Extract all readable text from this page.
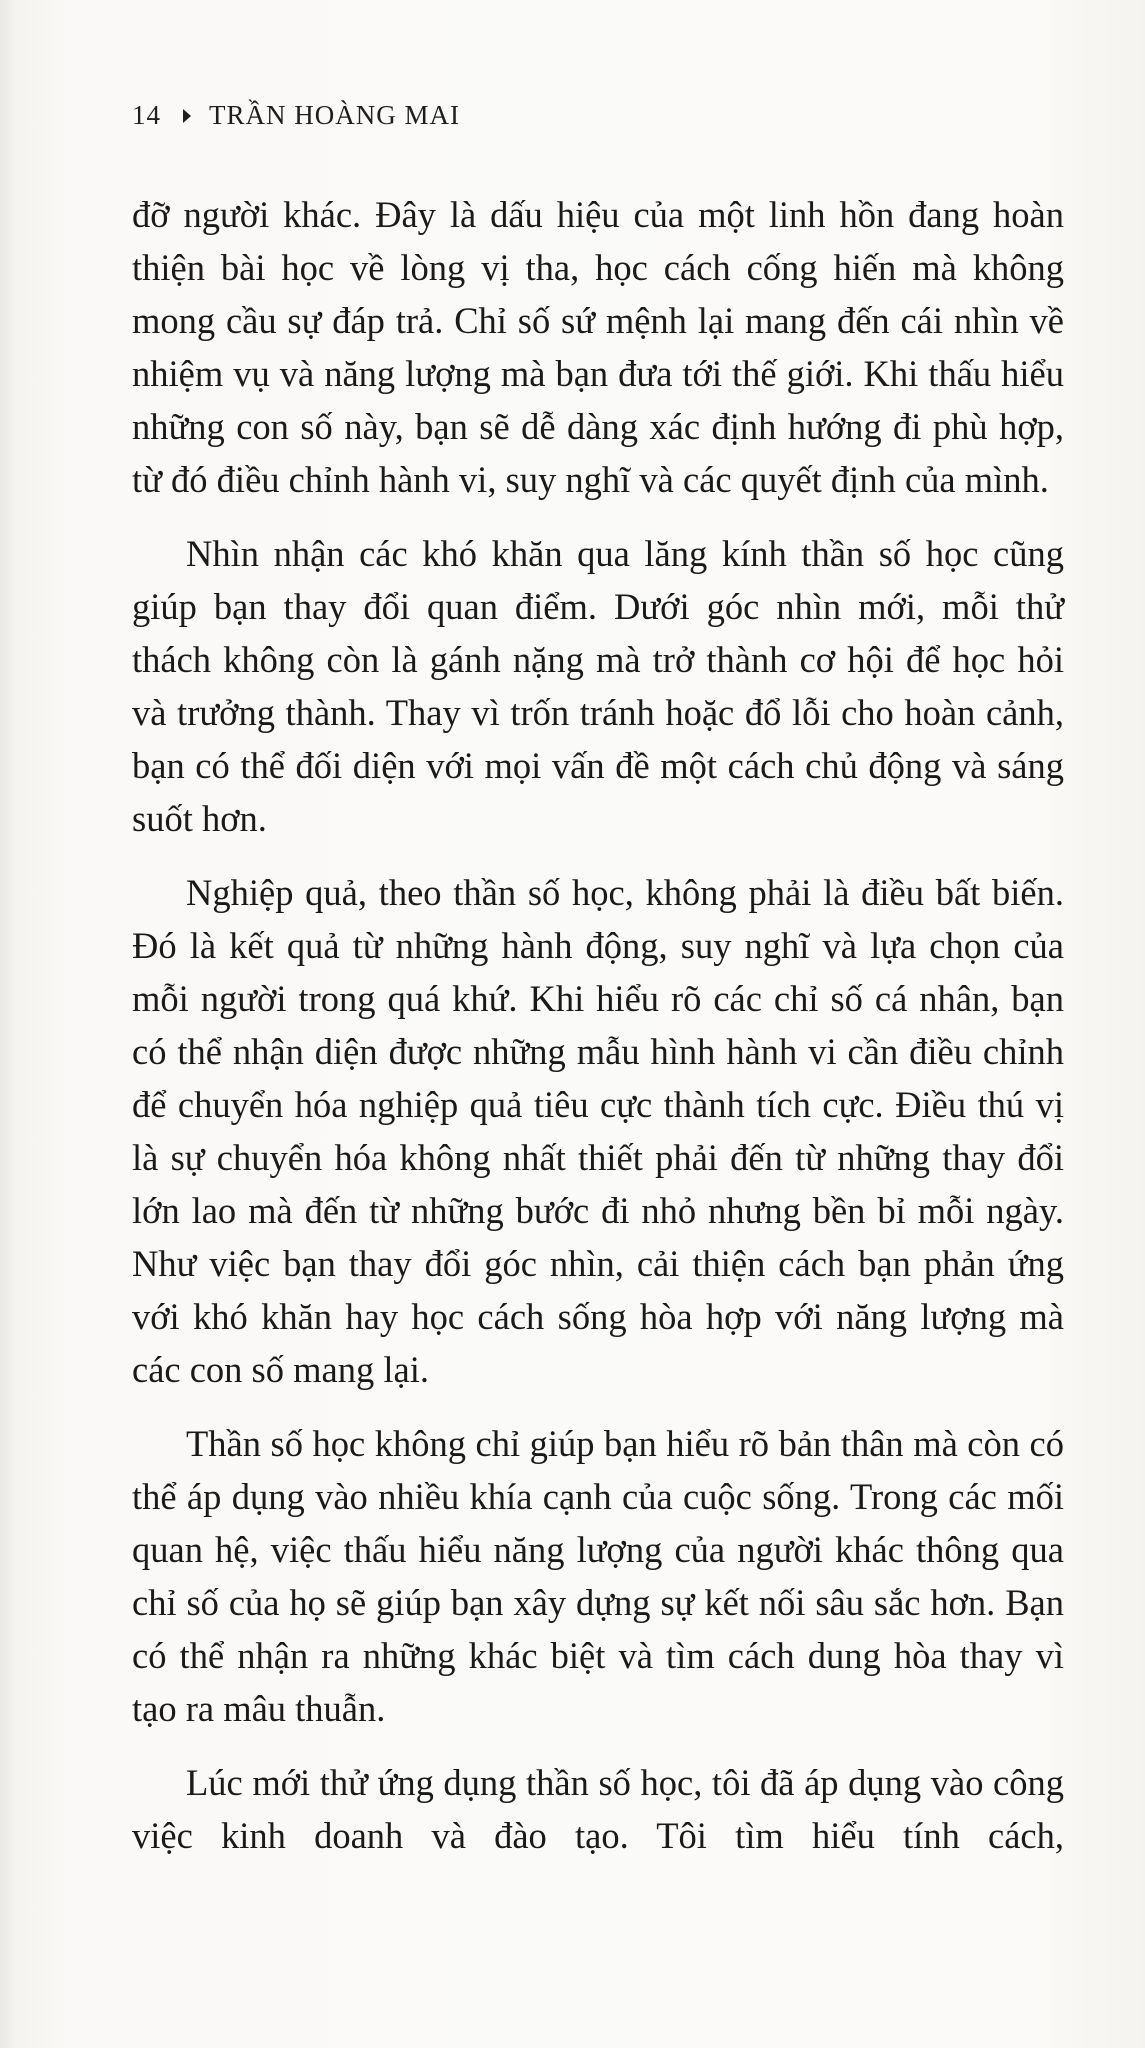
14 TRẦN HOÀNG MAI

đỡ người khác. Đây là dấu hiệu của một linh hồn đang hoàn thiện bài học về lòng vị tha, học cách cống hiến mà không mong cầu sự đáp trả. Chỉ số sứ mệnh lại mang đến cái nhìn về nhiệm vụ và năng lượng mà bạn đưa tới thế giới. Khi thấu hiểu những con số này, bạn sẽ dễ dàng xác định hướng đi phù hợp, từ đó điều chỉnh hành vi, suy nghĩ và các quyết định của mình.

Nhìn nhận các khó khăn qua lăng kính thần số học cũng giúp bạn thay đổi quan điểm. Dưới góc nhìn mới, mỗi thử thách không còn là gánh nặng mà trở thành cơ hội để học hỏi và trưởng thành. Thay vì trốn tránh hoặc đổ lỗi cho hoàn cảnh, bạn có thể đối diện với mọi vấn đề một cách chủ động và sáng suốt hơn.

Nghiệp quả, theo thần số học, không phải là điều bất biến. Đó là kết quả từ những hành động, suy nghĩ và lựa chọn của mỗi người trong quá khứ. Khi hiểu rõ các chỉ số cá nhân, bạn có thể nhận diện được những mẫu hình hành vi cần điều chỉnh để chuyển hóa nghiệp quả tiêu cực thành tích cực. Điều thú vị là sự chuyển hóa không nhất thiết phải đến từ những thay đổi lớn lao mà đến từ những bước đi nhỏ nhưng bền bỉ mỗi ngày. Như việc bạn thay đổi góc nhìn, cải thiện cách bạn phản ứng với khó khăn hay học cách sống hòa hợp với năng lượng mà các con số mang lại.

Thần số học không chỉ giúp bạn hiểu rõ bản thân mà còn có thể áp dụng vào nhiều khía cạnh của cuộc sống. Trong các mối quan hệ, việc thấu hiểu năng lượng của người khác thông qua chỉ số của họ sẽ giúp bạn xây dựng sự kết nối sâu sắc hơn. Bạn có thể nhận ra những khác biệt và tìm cách dung hòa thay vì tạo ra mâu thuẫn.

Lúc mới thử ứng dụng thần số học, tôi đã áp dụng vào công việc kinh doanh và đào tạo. Tôi tìm hiểu tính cách,
